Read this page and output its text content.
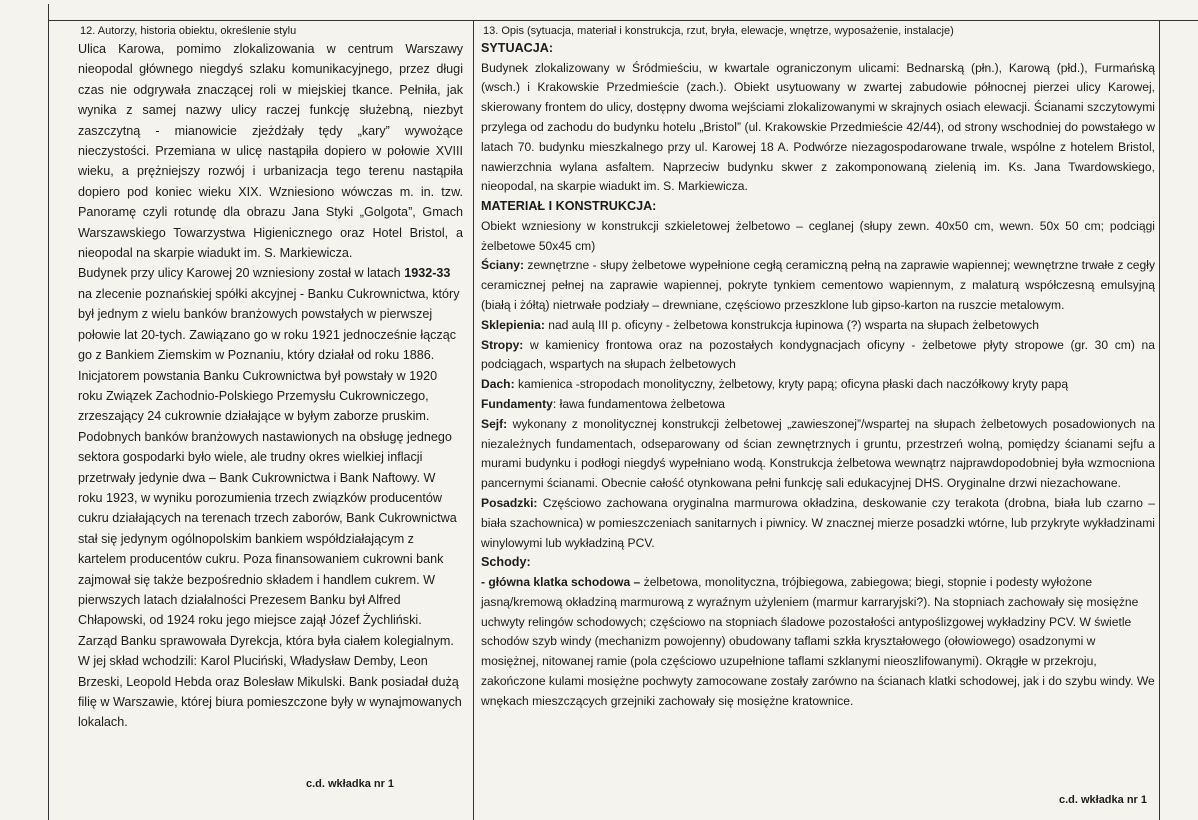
12. Autorzy, historia obiektu, określenie stylu

Ulica Karowa, pomimo zlokalizowania w centrum Warszawy nieopodal głównego niegdyś szlaku komunikacyjnego, przez długi czas nie odgrywała znaczącej roli w miejskiej tkance. Pełniła, jak wynika z samej nazwy ulicy raczej funkcję służebną, niezbyt zaszczytną - mianowicie zjeżdżały tędy „kary” wywożące nieczystości. Przemiana w ulicę nastąpiła dopiero w połowie XVIII wieku, a prężniejszy rozwój i urbanizacja tego terenu nastąpiła dopiero pod koniec wieku XIX. Wzniesiono wówczas m. in. tzw. Panoramę czyli rotundę dla obrazu Jana Styki „Golgota”, Gmach Warszawskiego Towarzystwa Higienicznego oraz Hotel Bristol, a nieopodal na skarpie wiadukt im. S. Markiewicza.

Budynek przy ulicy Karowej 20 wzniesiony został w latach 1932-33 na zlecenie poznańskiej spółki akcyjnej - Banku Cukrownictwa, który był jednym z wielu banków branżowych powstałych w pierwszej połowie lat 20-tych. Zawiązano go w roku 1921 jednocześnie łącząc go z Bankiem Ziemskim w Poznaniu, który działał od roku 1886. Inicjatorem powstania Banku Cukrownictwa był powstały w 1920 roku Związek Zachodnio-Polskiego Przemysłu Cukrowniczego, zrzeszający 24 cukrownie działające w byłym zaborze pruskim. Podobnych banków branżowych nastawionych na obsługę jednego sektora gospodarki było wiele, ale trudny okres wielkiej inflacji przetrwały jedynie dwa – Bank Cukrownictwa i Bank Naftowy. W roku 1923, w wyniku porozumienia trzech związków producentów cukru działających na terenach trzech zaborów, Bank Cukrownictwa stał się jedynym ogólnopolskim bankiem współdziałającym z kartelem producentów cukru. Poza finansowaniem cukrowni bank zajmował się także bezpośrednio składem i handlem cukrem. W pierwszych latach działalności Prezesem Banku był Alfred Chłapowski, od 1924 roku jego miejsce zajął Józef Żychliński. Zarząd Banku sprawowała Dyrekcja, która była ciałem kolegialnym. W jej skład wchodzili: Karol Pluciński, Władysław Demby, Leon Brzeski, Leopold Hebda oraz Bolesław Mikulski. Bank posiadał dużą filię w Warszawie, której biura pomieszczone były w wynajmowanych lokalach.

c.d. wkładka nr 1
13. Opis (sytuacja, materiał i konstrukcja, rzut, bryła, elewacje, wnętrze, wyposażenie, instalacje)

SYTUACJA:

Budynek zlokalizowany w Śródmieściu, w kwartale ograniczonym ulicami: Bednarską (płn.), Karową (płd.), Furmańską (wsch.) i Krakowskie Przedmieście (zach.). Obiekt usytuowany w zwartej zabudowie północnej pierzei ulicy Karowej, skierowany frontem do ulicy, dostępny dwoma wejściami zlokalizowanymi w skrajnych osiach elewacji. Ścianami szczytowymi przylega od zachodu do budynku hotelu „Bristol” (ul. Krakowskie Przedmieście 42/44), od strony wschodniej do powstałego w latach 70. budynku mieszkalnego przy ul. Karowej 18 A. Podwórze niezagospodarowane trwale, wspólne z hotelem Bristol, nawierzchnia wylana asfaltem. Naprzeciw budynku skwer z zakomponowaną zielenią im. Ks. Jana Twardowskiego, nieopodal, na skarpie wiadukt im. S. Markiewicza.

MATERIAŁ I KONSTRUKCJA:

Obiekt wzniesiony w konstrukcji szkieletowej żelbetowo – ceglanej (słupy zewn. 40x50 cm, wewn. 50x 50 cm; podciągi żelbetowe 50x45 cm)

Ściany: zewnętrzne - słupy żelbetowe wypełnione cegłą ceramiczną pełną na zaprawie wapiennej; wewnętrzne trwałe z cegły ceramicznej pełnej na zaprawie wapiennej, pokryte tynkiem cementowo wapiennym, z malaturą współczesną emulsyjną (białą i żółtą) nietrwałe podziały – drewniane, częściowo przeszklone lub gipso-karton na ruszcie metalowym.

Sklepienia: nad aulą III p. oficyny - żelbetowa konstrukcja łupinowa (?) wsparta na słupach żelbetowych

Stropy: w kamienicy frontowa oraz na pozostałych kondygnacjach oficyny - żelbetowe płyty stropowe (gr. 30 cm) na podciągach, wspartych na słupach żelbetowych

Dach: kamienica -stropodach monolityczny, żelbetowy, kryty papą; oficyna płaski dach naczółkowy kryty papą

Fundamenty: ława fundamentowa żelbetowa

Sejf: wykonany z monolitycznej konstrukcji żelbetowej „zawieszonej”/wspartej na słupach żelbetowych posadowionych na niezależnych fundamentach, odseparowany od ścian zewnętrznych i gruntu, przestrzeń wolną, pomiędzy ścianami sejfu a murami budynku i podłogi niegdyś wypełniano wodą. Konstrukcja żelbetowa wewnątrz najprawdopodobniej była wzmocniona pancernymi ścianami. Obecnie całość otynkowana pełni funkcję sali edukacyjnej DHS. Oryginalne drzwi niezachowane.

Posadzki: Częściowo zachowana oryginalna marmurowa okładzina, deskowanie czy terakota (drobna, biała lub czarno – biała szachownica) w pomieszczeniach sanitarnych i piwnicy. W znacznej mierze posadzki wtórne, lub przykryte wykładzinami winylowymi lub wykładziną PCV.

Schody:

- główna klatka schodowa – żelbetowa, monolityczna, trójbiegowa, zabiegowa; biegi, stopnie i podesty wyłożone jasną/kremową okładziną marmurową z wyraźnym użyleniem (marmur karraryjski?). Na stopniach zachowały się mosiężne uchwyty relingów schodowych; częściowo na stopniach śladowe pozostałości antypoślizgowej wykładziny PCV. W świetle schodów szyb windy (mechanizm powojenny) obudowany taflami szkła kryształowego (ołowiowego) osadzonymi w mosiężnej, nitowanej ramie (pola częściowo uzupełnione taflami szklanymi nieoszlifowanymi). Okrągłe w przekroju, zakończone kulami mosiężne pochwyty zamocowane zostały zarówno na ścianach klatki schodowej, jak i do szybu windy. We wnękach mieszczących grzejniki zachowały się mosiężne kratownice.

c.d. wkładka nr 1
